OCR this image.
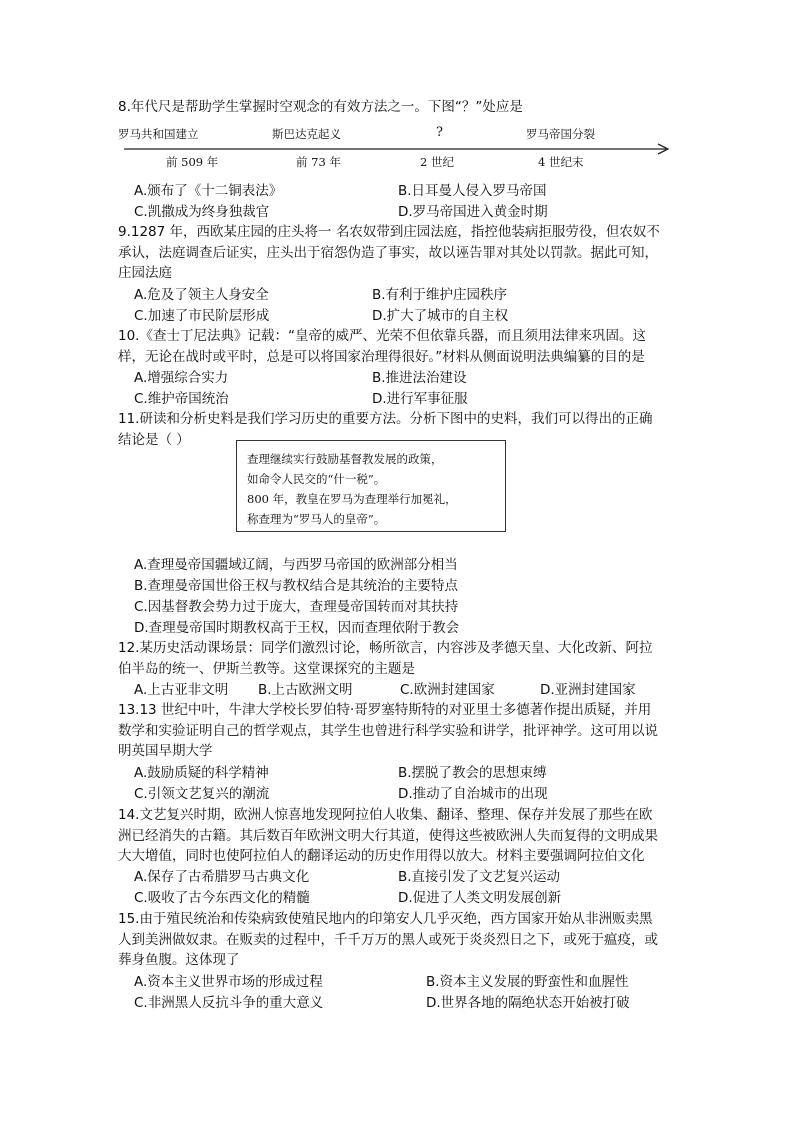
8.年代尺是帮助学生掌握时空观念的有效方法之一。下图“？”处应是
罗马共和国建立	斯巴达克起义	?	罗马帝国分裂
前 509 年	前 73 年	2 世纪	4 世纪末
A.颁布了《十二铜表法》	B.日耳曼人侵入罗马帝国
C.凯撒成为终身独裁官	D.罗马帝国进入黄金时期
9.1287 年，西欧某庄园的庄头将一 名农奴带到庄园法庭，指控他装病拒服劳役，但农奴不
承认，法庭调查后证实，庄头出于宿怨伪造了事实，故以诬告罪对其处以罚款。据此可知，
庄园法庭
A.危及了领主人身安全	B.有利于维护庄园秩序
C.加速了市民阶层形成	D.扩大了城市的自主权
10.《查士丁尼法典》记载：“皇帝的威严、光荣不但依靠兵器，而且须用法律来巩固。这
样，无论在战时或平时，总是可以将国家治理得很好。”材料从侧面说明法典编纂的目的是
A.增强综合实力	B.推进法治建设
C.维护帝国统治	D.进行军事征服
11.研读和分析史料是我们学习历史的重要方法。分析下图中的史料，我们可以得出的正确
结论是（ ）
查理继续实行鼓励基督教发展的政策，
如命令人民交的“什一税”。
800 年，教皇在罗马为查理举行加冕礼，
称查理为“罗马人的皇帝”。
A.查理曼帝国疆域辽阔，与西罗马帝国的欧洲部分相当
B.查理曼帝国世俗王权与教权结合是其统治的主要特点
C.因基督教会势力过于庞大，查理曼帝国转而对其扶持
D.查理曼帝国时期教权高于王权，因而查理依附于教会
12.某历史活动课场景：同学们激烈讨论，畅所欲言，内容涉及孝德天皇、大化改新、阿拉
伯半岛的统一、伊斯兰教等。这堂课探究的主题是
A.上古亚非文明 B.上古欧洲文明	C.欧洲封建国家	D.亚洲封建国家
13.13 世纪中叶，牛津大学校长罗伯特·哥罗塞特斯特的对亚里士多德著作提出质疑，并用
数学和实验证明自己的哲学观点，其学生也曾进行科学实验和讲学，批评神学。这可用以说
明英国早期大学
A.鼓励质疑的科学精神	B.摆脱了教会的思想束缚
C.引领文艺复兴的潮流	D.推动了自治城市的出现
14.文艺复兴时期，欧洲人惊喜地发现阿拉伯人收集、翻译、整理、保存并发展了那些在欧
洲已经消失的古籍。其后数百年欧洲文明大行其道，使得这些被欧洲人失而复得的文明成果
大大增值，同时也使阿拉伯人的翻译运动的历史作用得以放大。材料主要强调阿拉伯文化
A.保存了古希腊罗马古典文化	B.直接引发了文艺复兴运动
C.吸收了古今东西文化的精髓	D.促进了人类文明发展创新
15.由于殖民统治和传染病致使殖民地内的印第安人几乎灭绝，西方国家开始从非洲贩卖黑
人到美洲做奴隶。在贩卖的过程中，千千万万的黑人或死于炎炎烈日之下，或死于瘟疫，或
葬身鱼腹。这体现了
A.资本主义世界市场的形成过程	B.资本主义发展的野蛮性和血腥性
C.非洲黑人反抗斗争的重大意义	D.世界各地的隔绝状态开始被打破
